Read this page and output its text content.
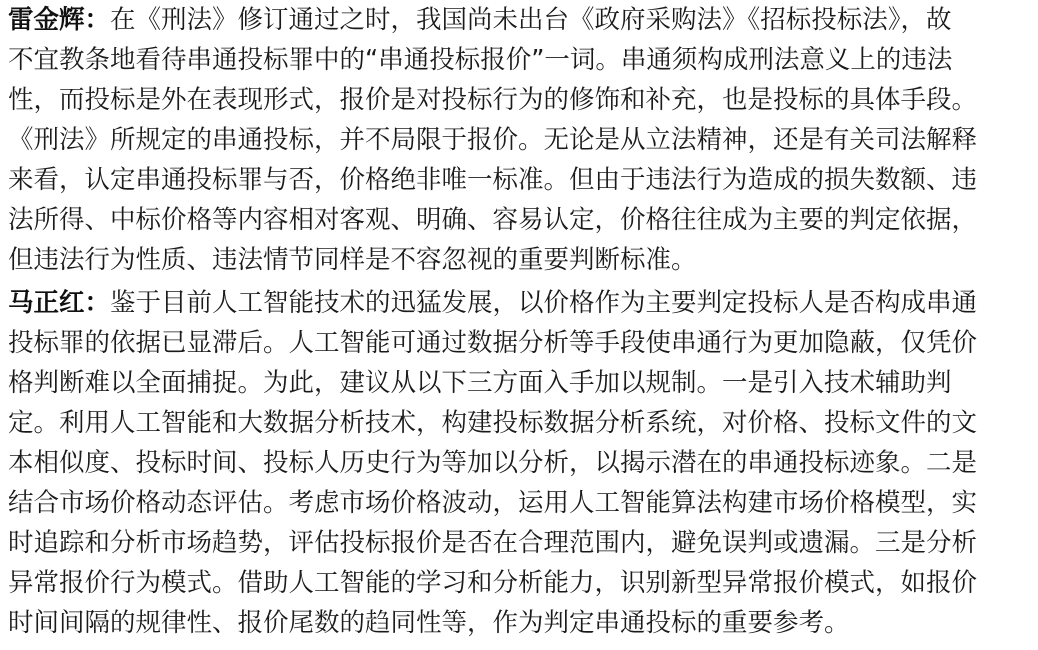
雷金辉：在《刑法》修订通过之时，我国尚未出台《政府采购法》《招标投标法》，故
不宜教条地看待串通投标罪中的“串通投标报价”一词。串通须构成刑法意义上的违法
性，而投标是外在表现形式，报价是对投标行为的修饰和补充，也是投标的具体手段。
《刑法》所规定的串通投标，并不局限于报价。无论是从立法精神，还是有关司法解释
来看，认定串通投标罪与否，价格绝非唯一标准。但由于违法行为造成的损失数额、违
法所得、中标价格等内容相对客观、明确、容易认定，价格往往成为主要的判定依据，
但违法行为性质、违法情节同样是不容忽视的重要判断标准。
马正红：鉴于目前人工智能技术的迅猛发展，以价格作为主要判定投标人是否构成串通
投标罪的依据已显滞后。人工智能可通过数据分析等手段使串通行为更加隐蔽，仅凭价
格判断难以全面捕捉。为此，建议从以下三方面入手加以规制。一是引入技术辅助判
定。利用人工智能和大数据分析技术，构建投标数据分析系统，对价格、投标文件的文
本相似度、投标时间、投标人历史行为等加以分析，以揭示潜在的串通投标迹象。二是
结合市场价格动态评估。考虑市场价格波动，运用人工智能算法构建市场价格模型，实
时追踪和分析市场趋势，评估投标报价是否在合理范围内，避免误判或遗漏。三是分析
异常报价行为模式。借助人工智能的学习和分析能力，识别新型异常报价模式，如报价
时间间隔的规律性、报价尾数的趋同性等，作为判定串通投标的重要参考。
